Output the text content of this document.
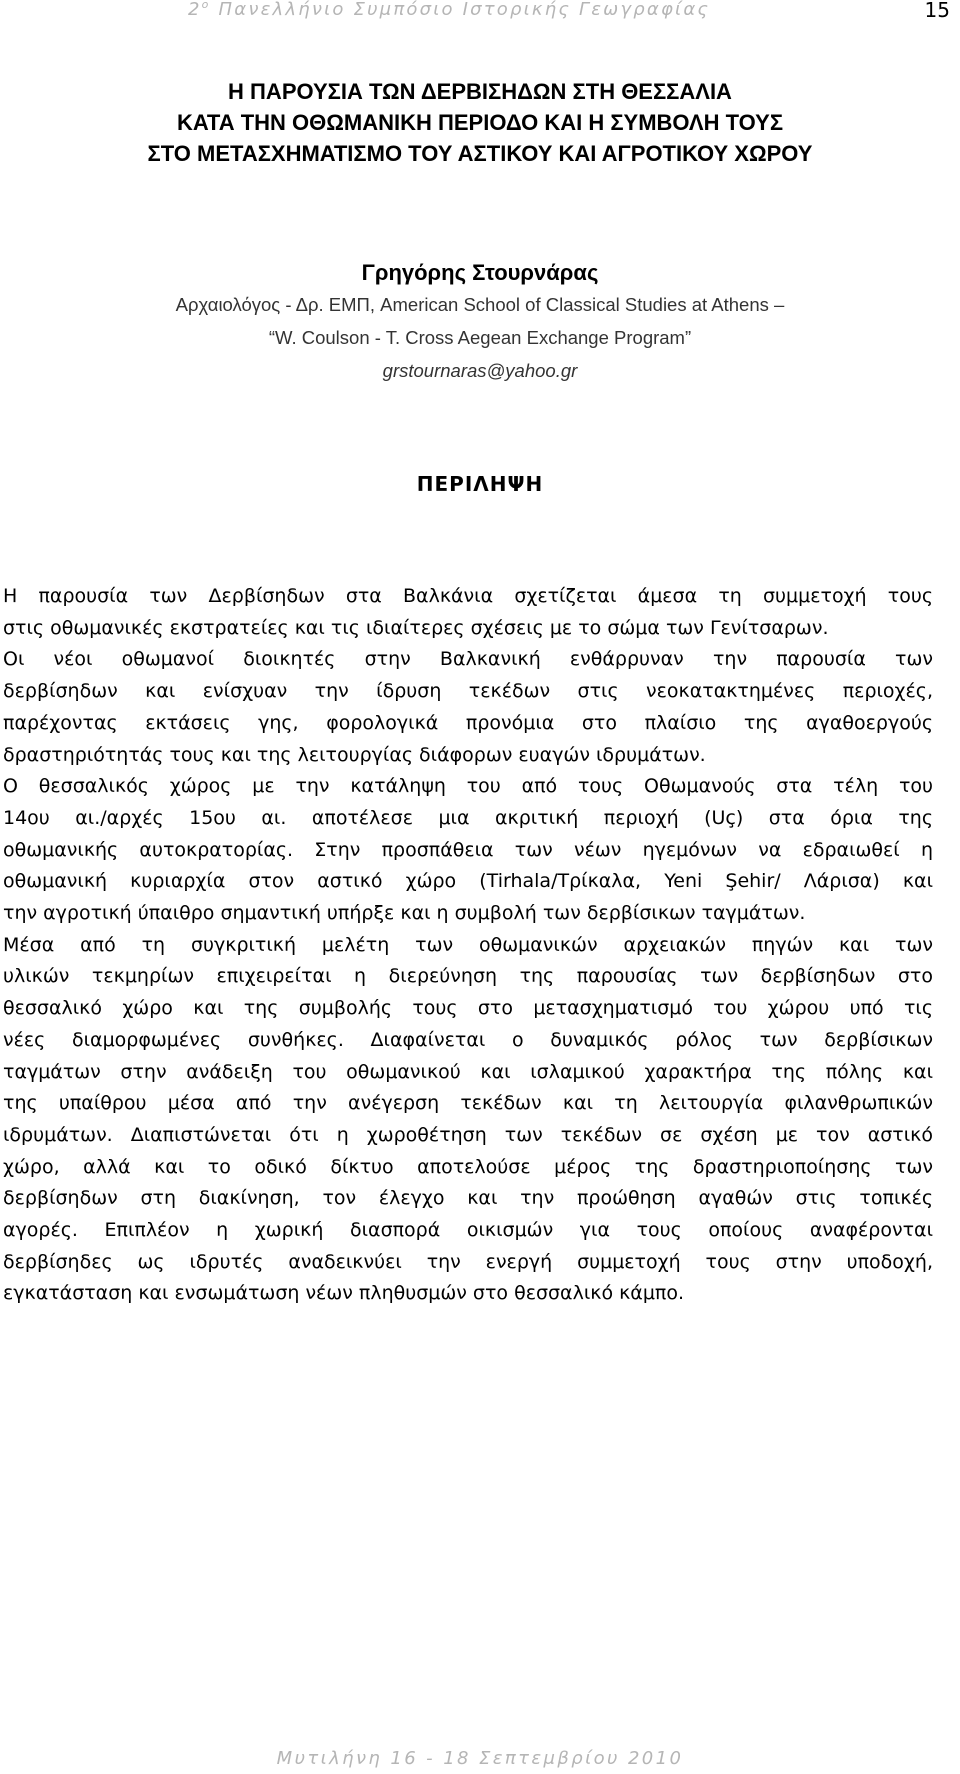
$2^o$ Πανελλήνιο Συμπόσιο Ιστορικής Γεωγραφίας	15
Η ΠΑΡΟΥΣΙΑ ΤΩΝ ΔΕΡΒΙΣΗΔΩΝ ΣΤΗ ΘΕΣΣΑΛΙΑ
ΚΑΤΑ ΤΗΝ ΟΘΩΜΑΝΙΚΗ ΠΕΡΙΟΔΟ ΚΑΙ Η ΣΥΜΒΟΛΗ ΤΟΥΣ
ΣΤΟ ΜΕΤΑΣΧΗΜΑΤΙΣΜΟ ΤΟΥ ΑΣΤΙΚΟΥ ΚΑΙ ΑΓΡΟΤΙΚΟΥ ΧΩΡΟΥ
Γρηγόρης Στουρνάρας
Αρχαιολόγος - Δρ. ΕΜΠ, American School of Classical Studies at Athens –
“W. Coulson - T. Cross Aegean Exchange Program”
grstournaras@yahoo.gr
ΠΕΡΙΛΗΨΗ
Η παρουσία των Δερβίσηδων στα Βαλκάνια σχετίζεται άμεσα τη συμμετοχή τους
στις οθωμανικές εκστρατείες και τις ιδιαίτερες σχέσεις με το σώμα των Γενίτσαρων.
Οι νέοι οθωμανοί διοικητές στην Βαλκανική ενθάρρυναν την παρουσία των
δερβίσηδων και ενίσχυαν την ίδρυση τεκέδων στις νεοκατακτημένες περιοχές,
παρέχοντας εκτάσεις γης, φορολογικά προνόμια στο πλαίσιο της αγαθοεργούς
δραστηριότητάς τους και της λειτουργίας διάφορων ευαγών ιδρυμάτων.
Ο θεσσαλικός χώρος με την κατάληψη του από τους Οθωμανούς στα τέλη του
14ου αι./αρχές 15ου αι. αποτέλεσε μια ακριτική περιοχή (Uç) στα όρια της
οθωμανικής αυτοκρατορίας. Στην προσπάθεια των νέων ηγεμόνων να εδραιωθεί η
οθωμανική κυριαρχία στον αστικό χώρο (Tirhala/Τρίκαλα, Yeni Şehir/ Λάρισα) και
την αγροτική ύπαιθρο σημαντική υπήρξε και η συμβολή των δερβίσικων ταγμάτων.
Μέσα από τη συγκριτική μελέτη των οθωμανικών αρχειακών πηγών και των
υλικών τεκμηρίων επιχειρείται η διερεύνηση της παρουσίας των δερβίσηδων στο
θεσσαλικό χώρο και της συμβολής τους στο μετασχηματισμό του χώρου υπό τις
νέες διαμορφωμένες συνθήκες. Διαφαίνεται ο δυναμικός ρόλος των δερβίσικων
ταγμάτων στην ανάδειξη του οθωμανικού και ισλαμικού χαρακτήρα της πόλης και
της υπαίθρου μέσα από την ανέγερση τεκέδων και τη λειτουργία φιλανθρωπικών
ιδρυμάτων. Διαπιστώνεται ότι η χωροθέτηση των τεκέδων σε σχέση με τον αστικό
χώρο, αλλά και το οδικό δίκτυο αποτελούσε μέρος της δραστηριοποίησης των
δερβίσηδων στη διακίνηση, τον έλεγχο και την προώθηση αγαθών στις τοπικές
αγορές. Επιπλέον η χωρική διασπορά οικισμών για τους οποίους αναφέρονται
δερβίσηδες ως ιδρυτές αναδεικνύει την ενεργή συμμετοχή τους στην υποδοχή,
εγκατάσταση και ενσωμάτωση νέων πληθυσμών στο θεσσαλικό κάμπο.
Μυτιλήνη 16 - 18 Σεπτεμβρίου 2010
